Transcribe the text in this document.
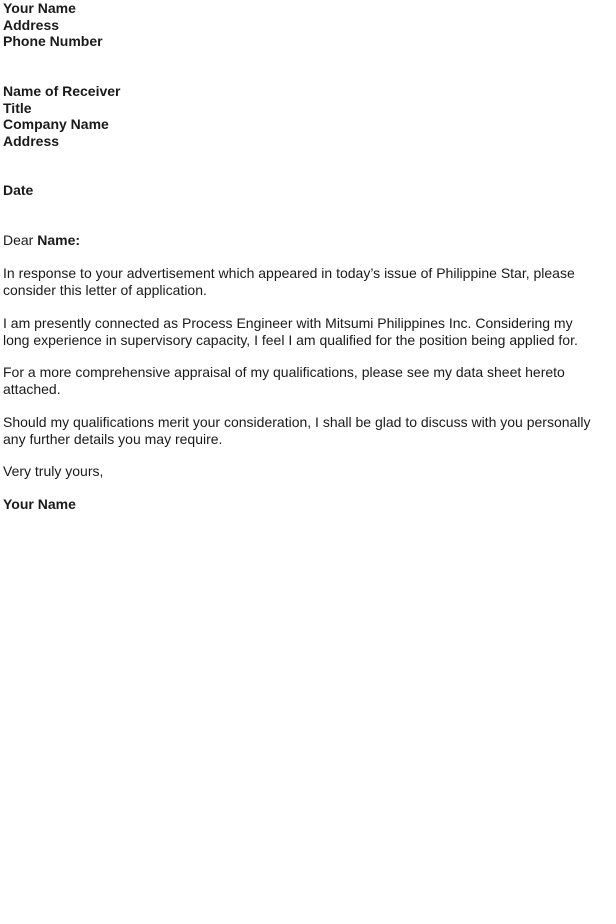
Your Name
Address
Phone Number
Name of Receiver
Title
Company Name
Address
Date
Dear Name:
In response to your advertisement which appeared in today’s issue of Philippine Star, please
consider this letter of application.
I am presently connected as Process Engineer with Mitsumi Philippines Inc. Considering my
long experience in supervisory capacity, I feel I am qualified for the position being applied for.
For a more comprehensive appraisal of my qualifications, please see my data sheet hereto
attached.
Should my qualifications merit your consideration, I shall be glad to discuss with you personally
any further details you may require.
Very truly yours,
Your Name
